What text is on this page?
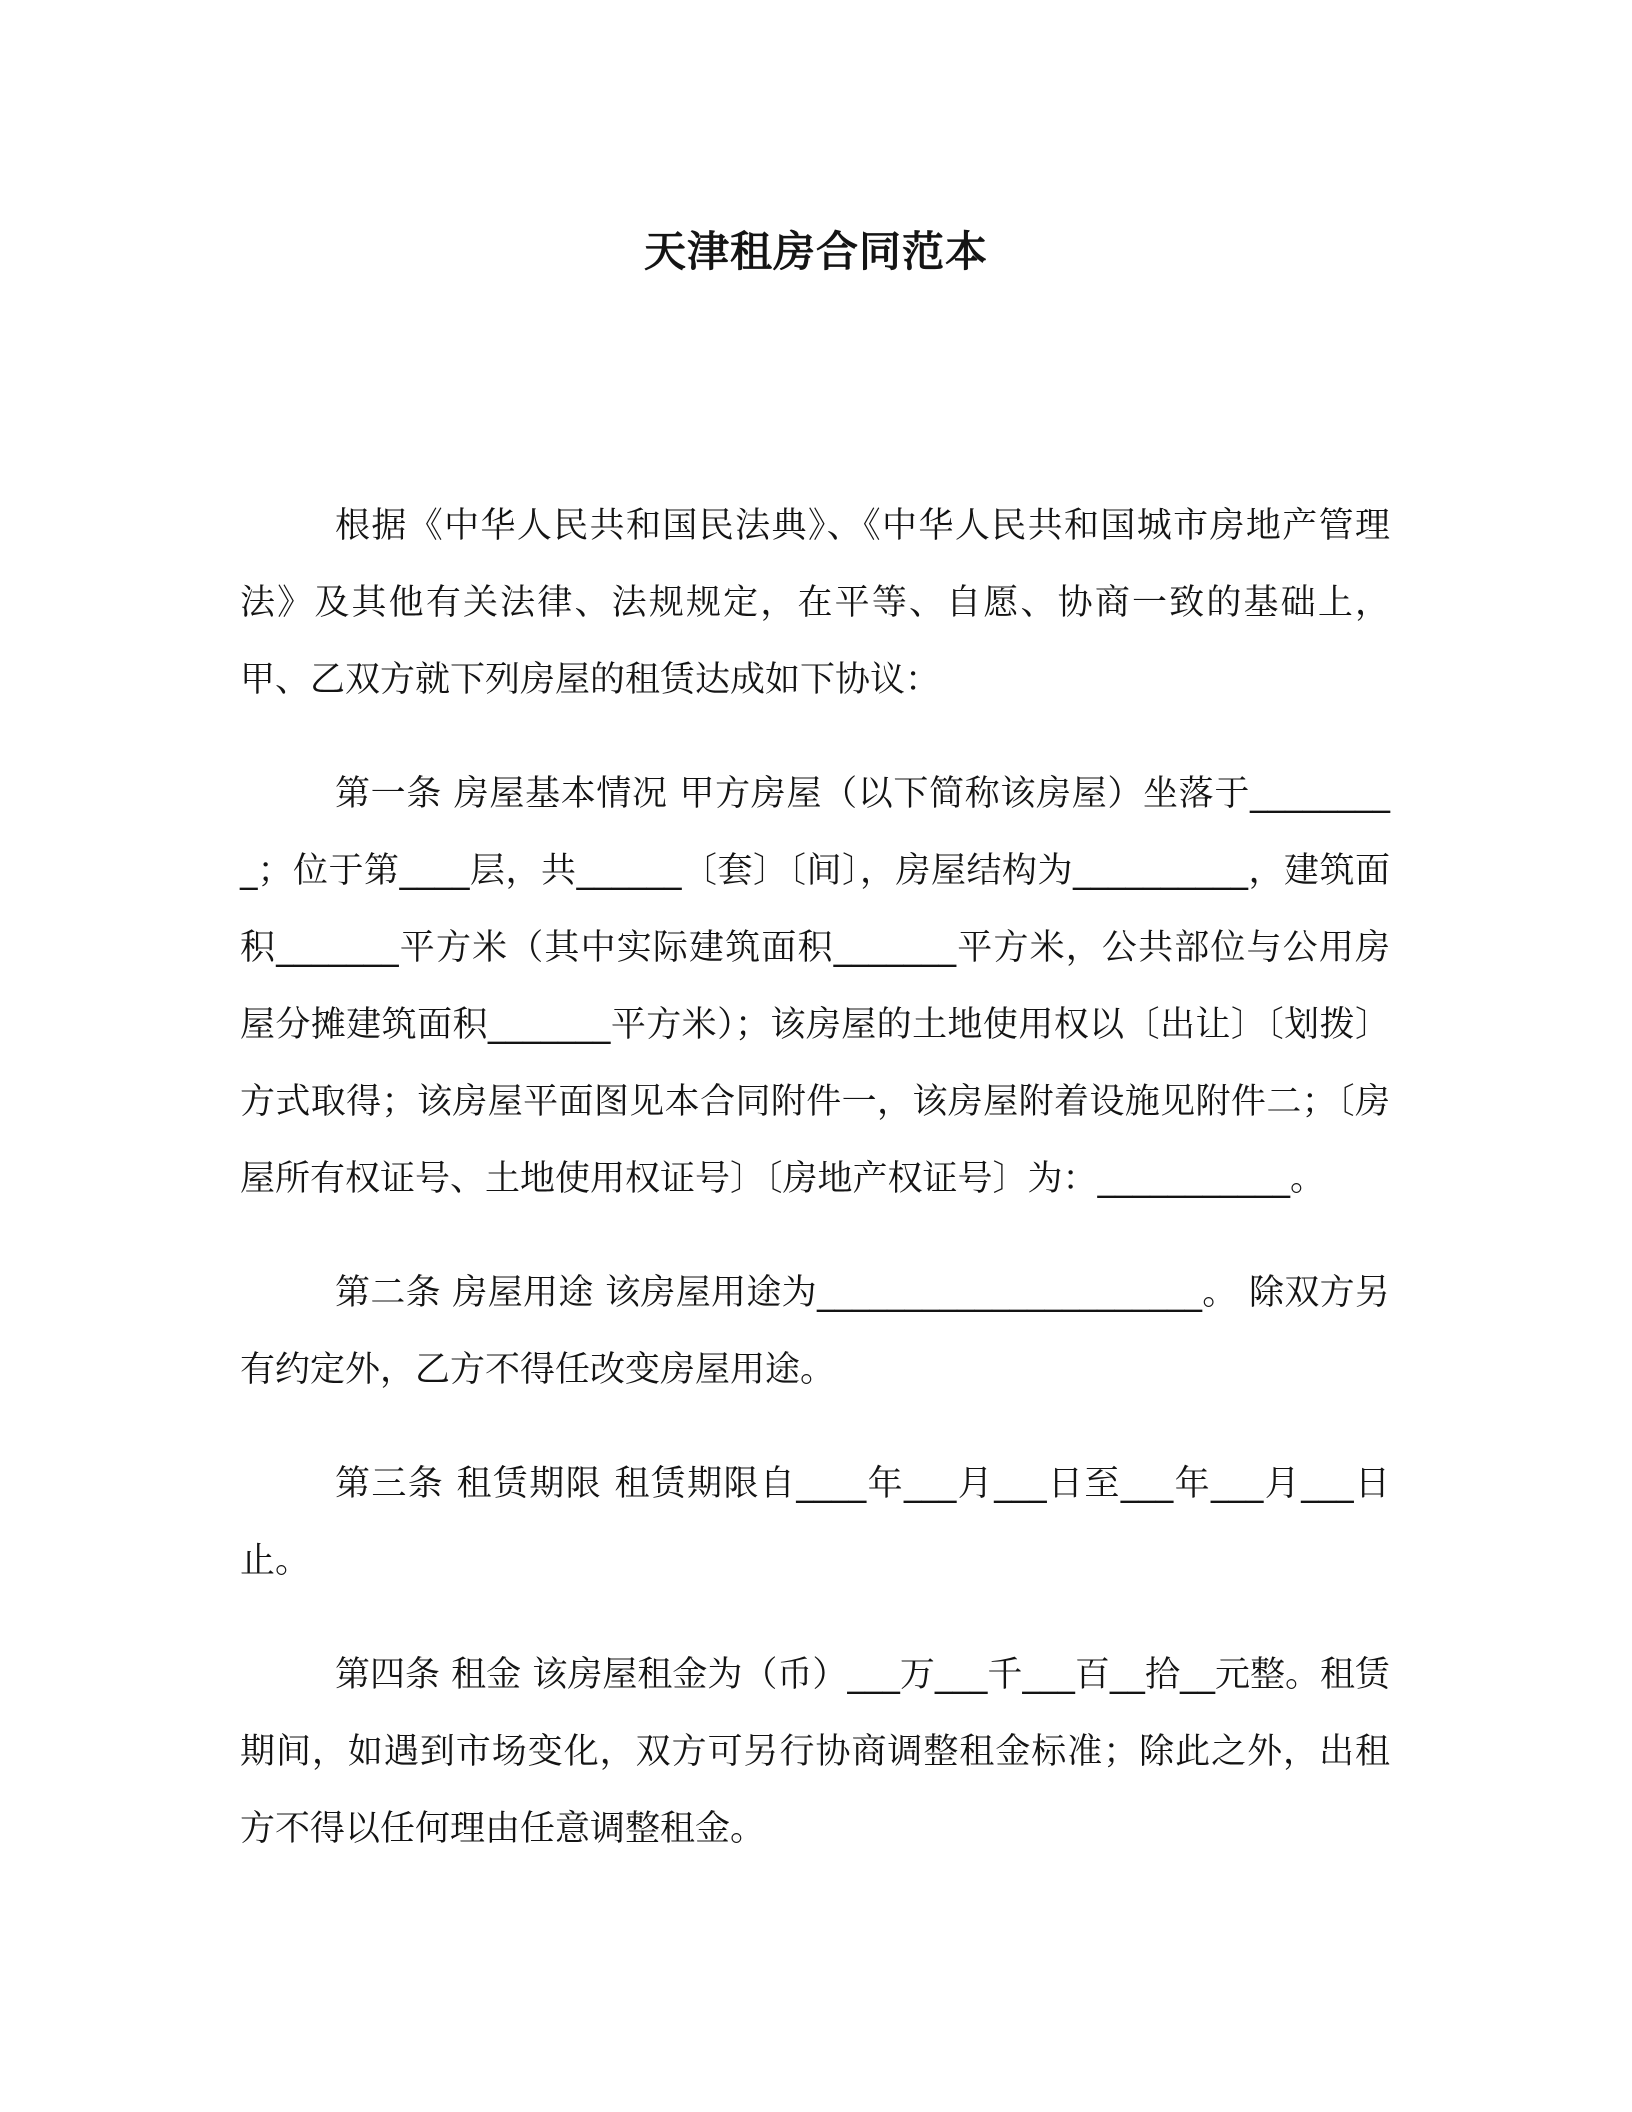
天津租房合同范本

根据《中华人民共和国民法典》、《中华人民共和国城市房地产管理法》及其他有关法律、法规规定，在平等、自愿、协商一致的基础上，甲、乙双方就下列房屋的租赁达成如下协议：

第一条 房屋基本情况 甲方房屋（以下简称该房屋）坐落于_________；位于第____层，共______〔套〕〔间〕，房屋结构为__________，建筑面积_______平方米（其中实际建筑面积_______平方米，公共部位与公用房屋分摊建筑面积_______平方米）；该房屋的土地使用权以〔出让〕〔划拨〕方式取得；该房屋平面图见本合同附件一，该房屋附着设施见附件二；〔房屋所有权证号、土地使用权证号〕〔房地产权证号〕为：___________。

第二条 房屋用途 该房屋用途为______________________。 除双方另有约定外，乙方不得任改变房屋用途。

第三条 租赁期限 租赁期限自____年___月___日至___年___月___日止。

第四条 租金 该房屋租金为（币）___万___千___百__拾__元整。租赁期间，如遇到市场变化，双方可另行协商调整租金标准；除此之外，出租方不得以任何理由任意调整租金。
